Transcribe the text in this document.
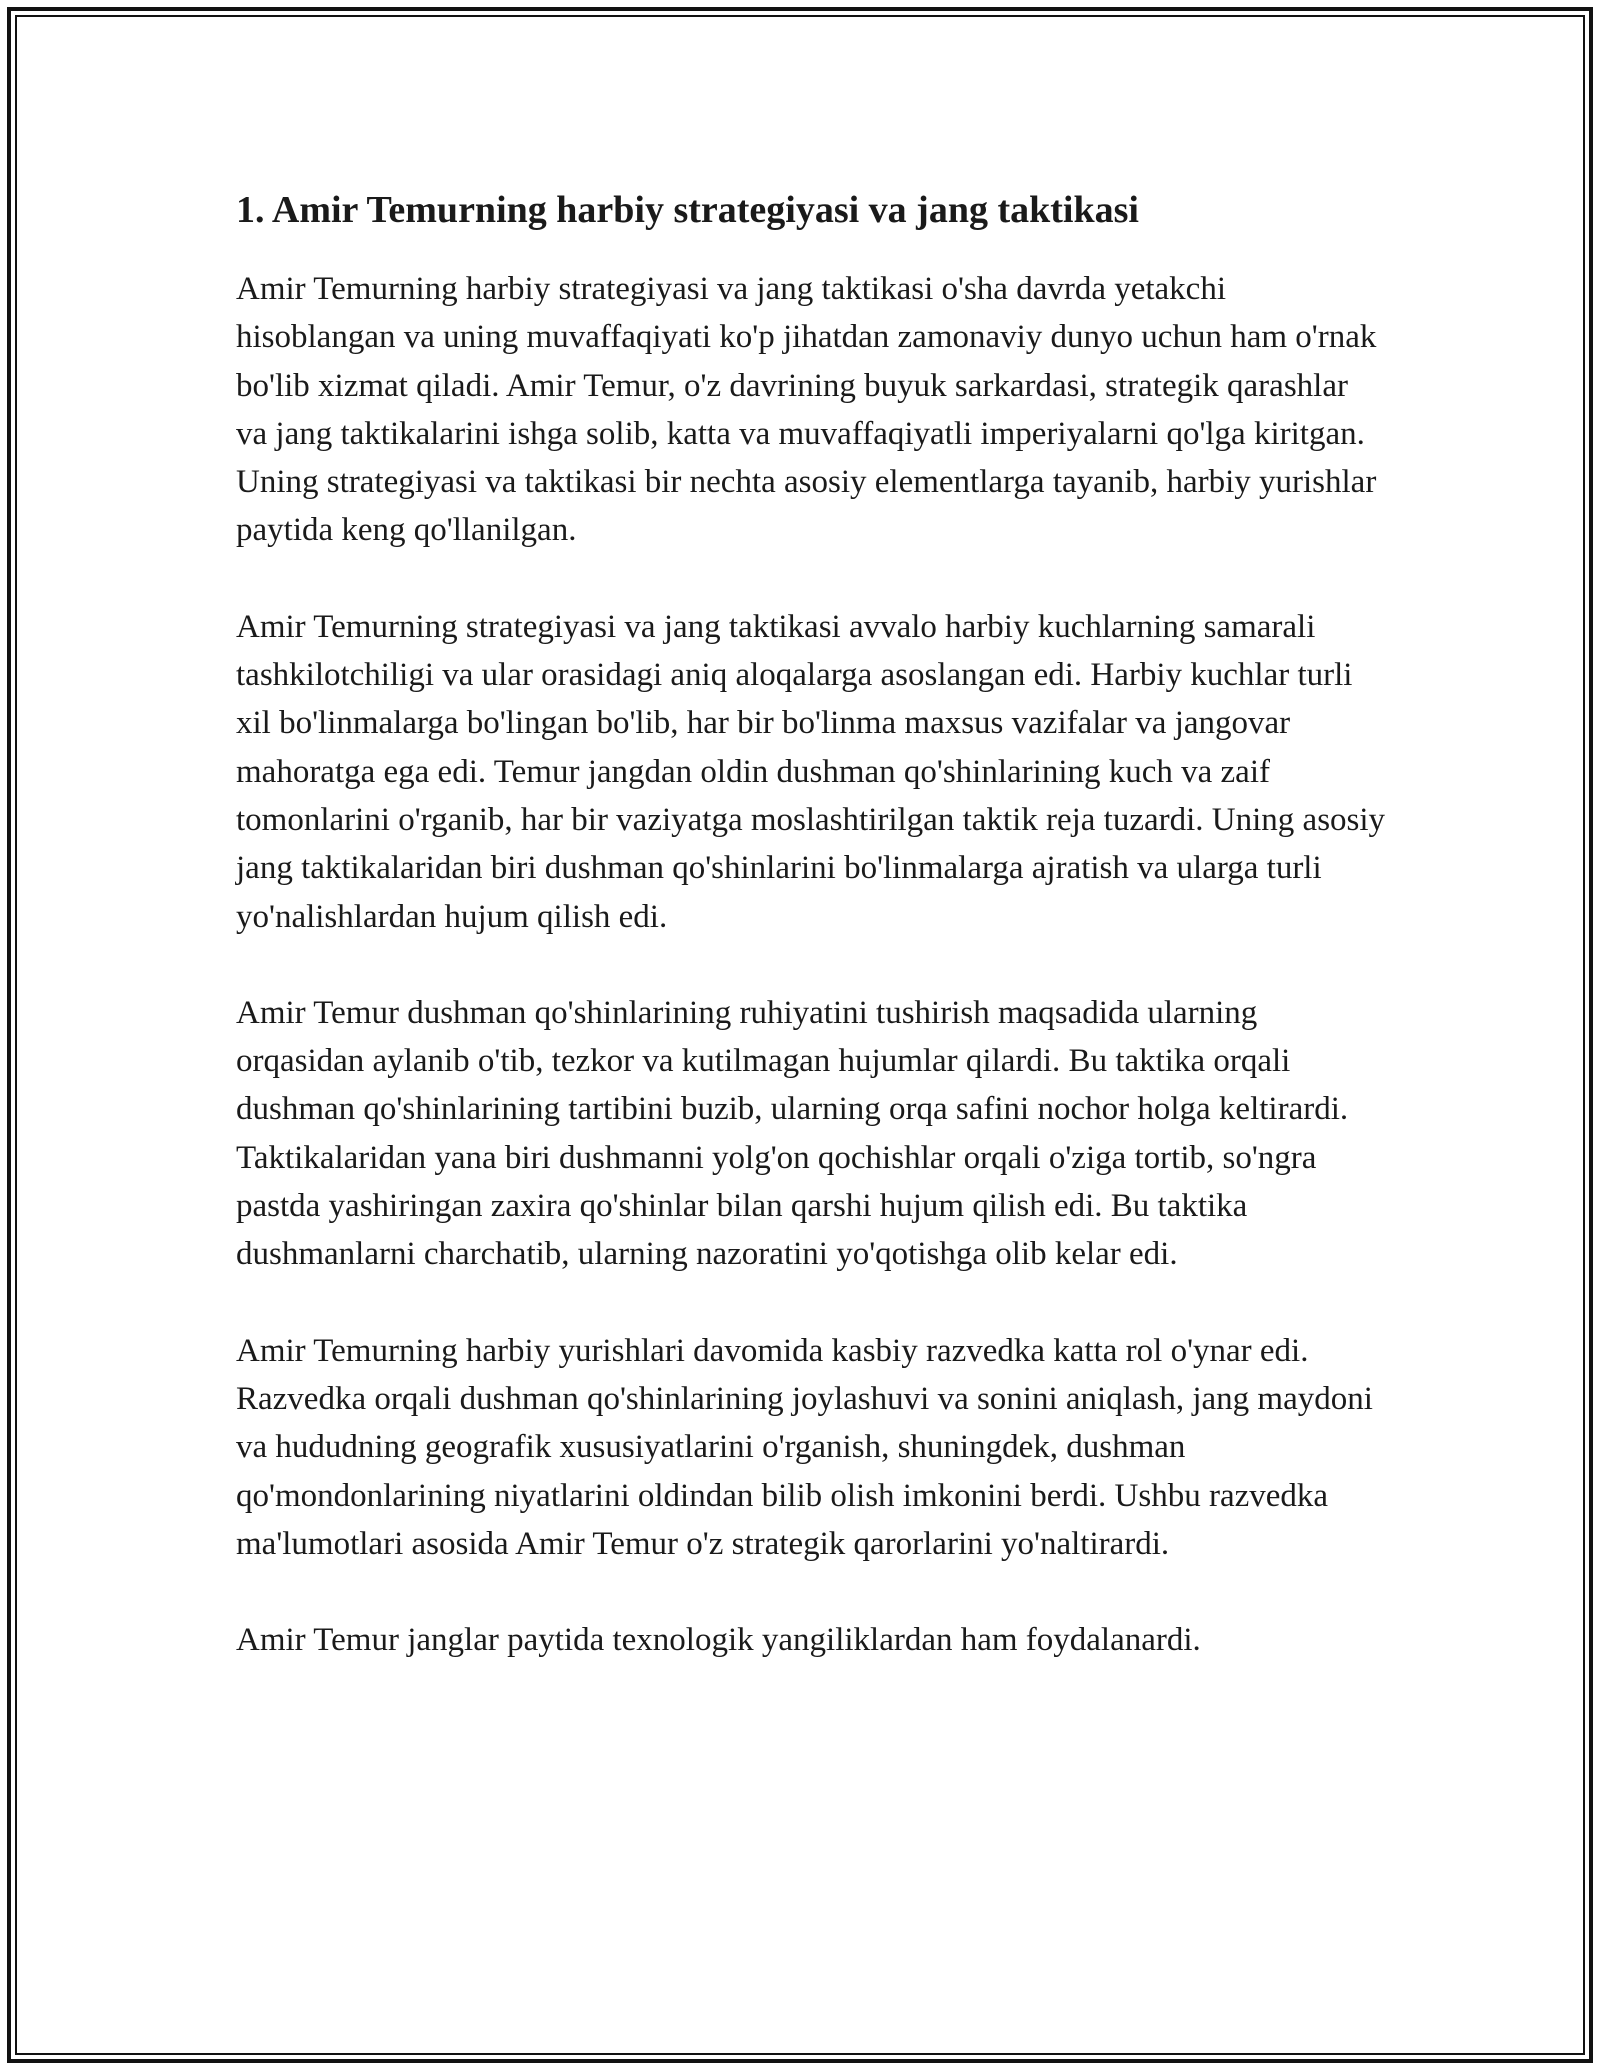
1. Amir Temurning harbiy strategiyasi va jang taktikasi

Amir Temurning harbiy strategiyasi va jang taktikasi o'sha davrda yetakchi hisoblangan va uning muvaffaqiyati ko'p jihatdan zamonaviy dunyo uchun ham o'rnak bo'lib xizmat qiladi. Amir Temur, o'z davrining buyuk sarkardasi, strategik qarashlar va jang taktikalarini ishga solib, katta va muvaffaqiyatli imperiyalarni qo'lga kiritgan. Uning strategiyasi va taktikasi bir nechta asosiy elementlarga tayanib, harbiy yurishlar paytida keng qo'llanilgan.

Amir Temurning strategiyasi va jang taktikasi avvalo harbiy kuchlarning samarali tashkilotchiligi va ular orasidagi aniq aloqalarga asoslangan edi. Harbiy kuchlar turli xil bo'linmalarga bo'lingan bo'lib, har bir bo'linma maxsus vazifalar va jangovar mahoratga ega edi. Temur jangdan oldin dushman qo'shinlarining kuch va zaif tomonlarini o'rganib, har bir vaziyatga moslashtirilgan taktik reja tuzardi. Uning asosiy jang taktikalaridan biri dushman qo'shinlarini bo'linmalarga ajratish va ularga turli yo'nalishlardan hujum qilish edi.

Amir Temur dushman qo'shinlarining ruhiyatini tushirish maqsadida ularning orqasidan aylanib o'tib, tezkor va kutilmagan hujumlar qilardi. Bu taktika orqali dushman qo'shinlarining tartibini buzib, ularning orqa safini nochor holga keltirardi. Taktikalaridan yana biri dushmanni yolg'on qochishlar orqali o'ziga tortib, so'ngra pastda yashiringan zaxira qo'shinlar bilan qarshi hujum qilish edi. Bu taktika dushmanlarni charchatib, ularning nazoratini yo'qotishga olib kelar edi.

Amir Temurning harbiy yurishlari davomida kasbiy razvedka katta rol o'ynar edi. Razvedka orqali dushman qo'shinlarining joylashuvi va sonini aniqlash, jang maydoni va hududning geografik xususiyatlarini o'rganish, shuningdek, dushman qo'mondonlarining niyatlarini oldindan bilib olish imkonini berdi. Ushbu razvedka ma'lumotlari asosida Amir Temur o'z strategik qarorlarini yo'naltirardi.

Amir Temur janglar paytida texnologik yangiliklardan ham foydalanardi.
